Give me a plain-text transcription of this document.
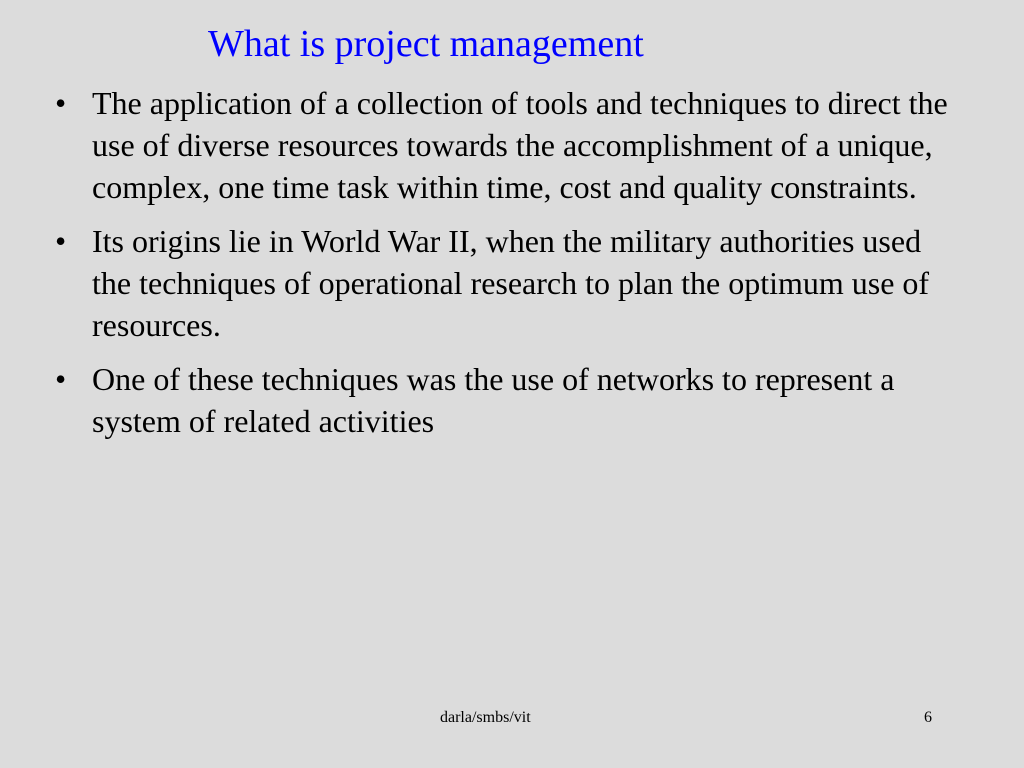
What is project management
• The application of a collection of tools and techniques to direct the use of diverse resources towards the accomplishment of a unique, complex, one time task within time, cost and quality constraints.
• Its origins lie in World War II, when the military authorities used the techniques of operational research to plan the optimum use of resources.
• One of these techniques was the use of networks to represent a system of related activities
darla/smbs/vit	6
